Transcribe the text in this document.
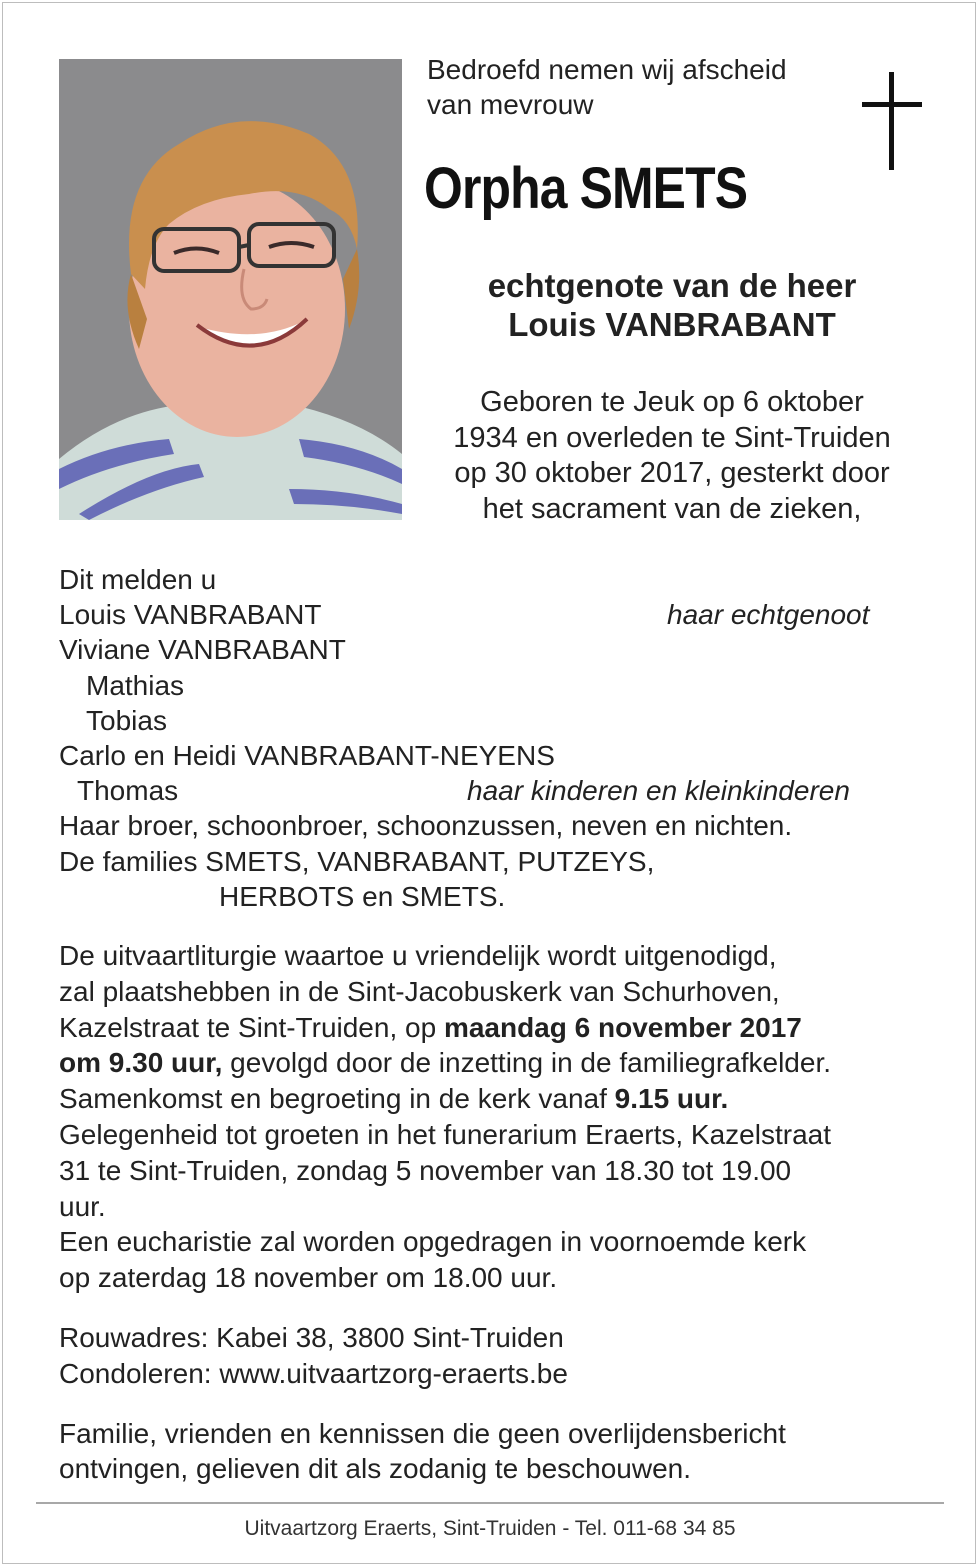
Bedroefd nemen wij afscheid
van mevrouw
Orpha SMETS
echtgenote van de heer
Louis VANBRABANT
Geboren te Jeuk op 6 oktober
1934 en overleden te Sint-Truiden
op 30 oktober 2017, gesterkt door
het sacrament van de zieken,
Dit melden u
Louis VANBRABANT	haar echtgenoot
Viviane VANBRABANT
Mathias
Tobias
Carlo en Heidi VANBRABANT-NEYENS
Thomas	haar kinderen en kleinkinderen
Haar broer, schoonbroer, schoonzussen, neven en nichten.
De families SMETS, VANBRABANT, PUTZEYS,
HERBOTS en SMETS.

De uitvaartliturgie waartoe u vriendelijk wordt uitgenodigd,

zal plaatshebben in de Sint-Jacobuskerk van Schurhoven,

Kazelstraat te Sint-Truiden, op maandag 6 november 2017

om 9.30 uur, gevolgd door de inzetting in de familiegrafkelder.

Samenkomst en begroeting in de kerk vanaf 9.15 uur.

Gelegenheid tot groeten in het funerarium Eraerts, Kazelstraat

31 te Sint-Truiden, zondag 5 november van 18.30 tot 19.00

uur.

Een eucharistie zal worden opgedragen in voornoemde kerk

op zaterdag 18 november om 18.00 uur.

Rouwadres: Kabei 38, 3800 Sint-Truiden

Condoleren: www.uitvaartzorg-eraerts.be

Familie, vrienden en kennissen die geen overlijdensbericht

ontvingen, gelieven dit als zodanig te beschouwen.

Uitvaartzorg Eraerts, Sint-Truiden - Tel. 011-68 34 85
